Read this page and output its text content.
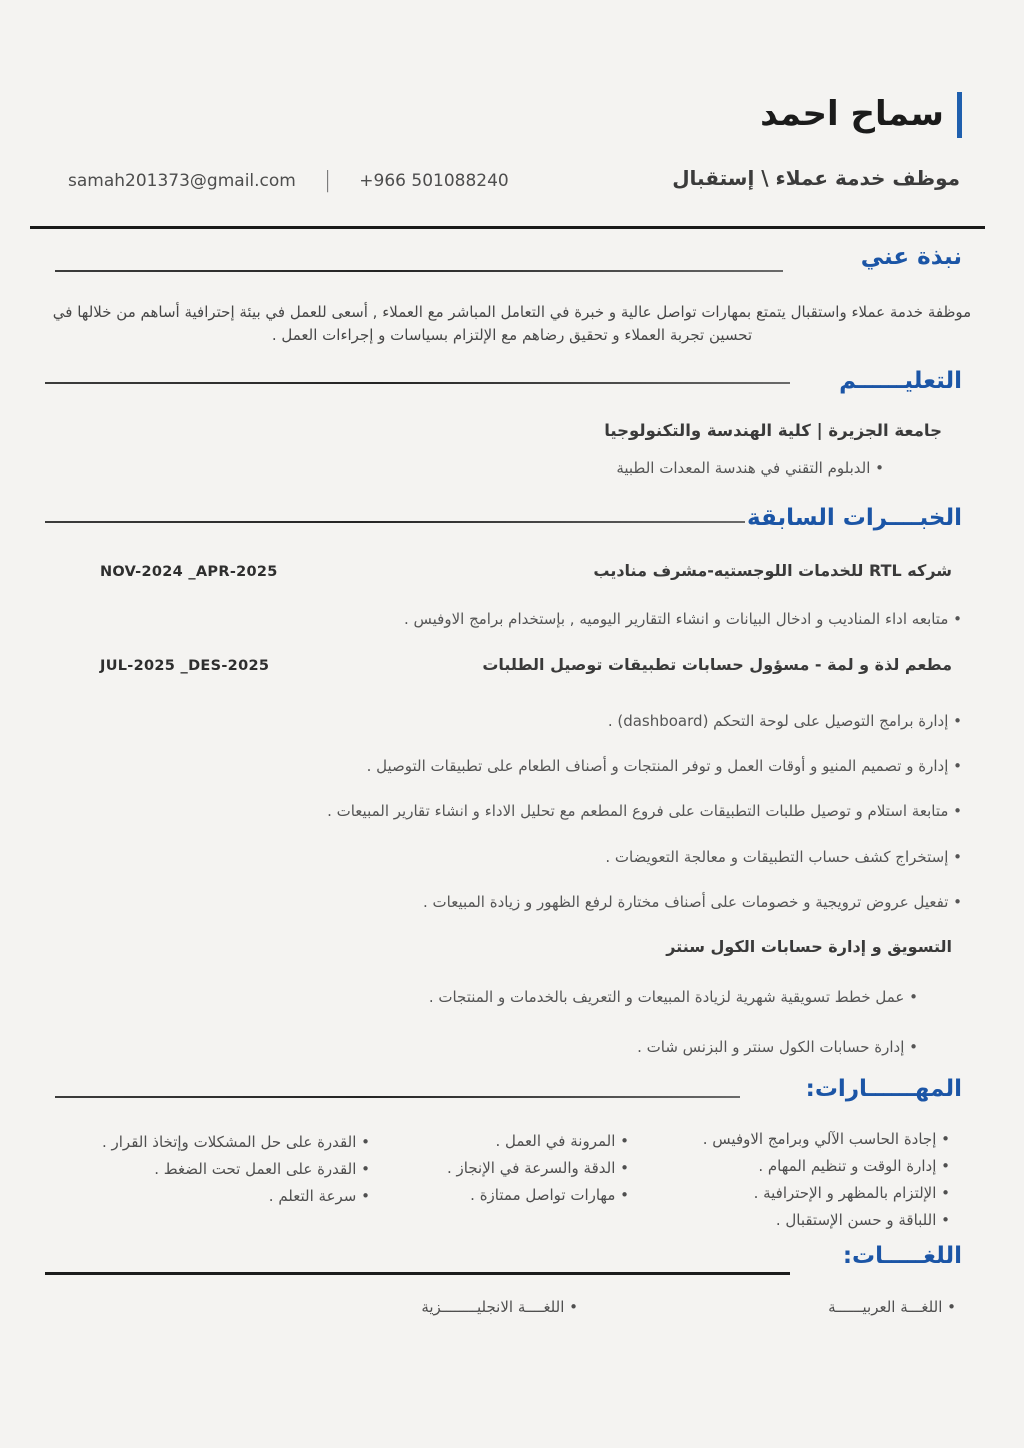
سماح احمد
موظف خدمة عملاء \ إستقبال
samah201373@gmail.com | +966 501088240
نبذة عني
موظفة خدمة عملاء واستقبال يتمتع بمهارات تواصل عالية و خبرة في التعامل المباشر مع العملاء , أسعى للعمل في بيئة إحترافية أساهم من خلالها في تحسين تجربة العملاء و تحقيق رضاهم مع الإلتزام بسياسات و إجراءات العمل .
التعليــــــم
جامعة الجزيرة | كلية الهندسة والتكنولوجيا
• الدبلوم التقني في هندسة المعدات الطبية
الخبــــرات السابقة
شركه RTL للخدمات اللوجستيه-مشرف مناديب
NOV-2024 _APR-2025
• متابعه اداء المناديب و ادخال البيانات و انشاء التقارير اليوميه , بإستخدام برامج الاوفيس .
مطعم لذة و لمة - مسؤول حسابات تطبيقات توصيل الطلبات
JUL-2025 _DES-2025
• إدارة برامج التوصيل على لوحة التحكم (dashboard) .
• إدارة و تصميم المنيو و أوقات العمل و توفر المنتجات و أصناف الطعام على تطبيقات التوصيل .
• متابعة استلام و توصيل طلبات التطبيقات على فروع المطعم مع تحليل الاداء و انشاء تقارير المبيعات .
• إستخراج كشف حساب التطبيقات و معالجة التعويضات .
• تفعيل عروض ترويجية و خصومات على أصناف مختارة لرفع الظهور و زيادة المبيعات .
التسويق و إدارة حسابات الكول سنتر
• عمل خطط تسويقية شهرية لزيادة المبيعات و التعريف بالخدمات و المنتجات .
• إدارة حسابات الكول سنتر و البزنس شات .
المهــــــارات:
• إجادة الحاسب الآلي وبرامج الاوفيس .
• إدارة الوقت و تنظيم المهام .
• الإلتزام بالمظهر و الإحترافية .
• اللباقة و حسن الإستقبال .
• المرونة في العمل .
• الدقة والسرعة في الإنجاز .
• مهارات تواصل ممتازة .
• القدرة على حل المشكلات وإتخاذ القرار .
• القدرة على العمل تحت الضغط .
• سرعة التعلم .
اللغـــــات:
• اللغـــة العربيــــــة
• اللغــــة الانجليــــــــزية
